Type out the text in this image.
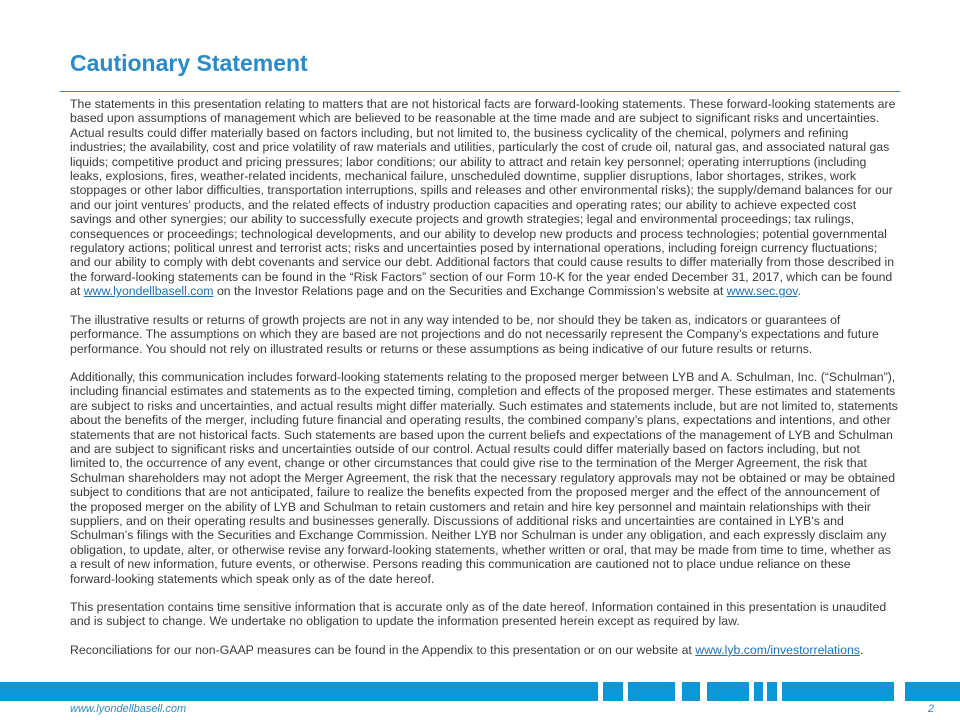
Cautionary Statement

The statements in this presentation relating to matters that are not historical facts are forward-looking statements. These forward-looking statements are based upon assumptions of management which are believed to be reasonable at the time made and are subject to significant risks and uncertainties. Actual results could differ materially based on factors including, but not limited to, the business cyclicality of the chemical, polymers and refining industries; the availability, cost and price volatility of raw materials and utilities, particularly the cost of crude oil, natural gas, and associated natural gas liquids; competitive product and pricing pressures; labor conditions; our ability to attract and retain key personnel; operating interruptions (including leaks, explosions, fires, weather-related incidents, mechanical failure, unscheduled downtime, supplier disruptions, labor shortages, strikes, work stoppages or other labor difficulties, transportation interruptions, spills and releases and other environmental risks); the supply/demand balances for our and our joint ventures’ products, and the related effects of industry production capacities and operating rates; our ability to achieve expected cost savings and other synergies; our ability to successfully execute projects and growth strategies; legal and environmental proceedings; tax rulings, consequences or proceedings; technological developments, and our ability to develop new products and process technologies; potential governmental regulatory actions; political unrest and terrorist acts; risks and uncertainties posed by international operations, including foreign currency fluctuations; and our ability to comply with debt covenants and service our debt. Additional factors that could cause results to differ materially from those described in the forward-looking statements can be found in the “Risk Factors” section of our Form 10-K for the year ended December 31, 2017, which can be found at www.lyondellbasell.com on the Investor Relations page and on the Securities and Exchange Commission’s website at www.sec.gov.

The illustrative results or returns of growth projects are not in any way intended to be, nor should they be taken as, indicators or guarantees of performance. The assumptions on which they are based are not projections and do not necessarily represent the Company’s expectations and future performance. You should not rely on illustrated results or returns or these assumptions as being indicative of our future results or returns.

Additionally, this communication includes forward-looking statements relating to the proposed merger between LYB and A. Schulman, Inc. (“Schulman”), including financial estimates and statements as to the expected timing, completion and effects of the proposed merger. These estimates and statements are subject to risks and uncertainties, and actual results might differ materially. Such estimates and statements include, but are not limited to, statements about the benefits of the merger, including future financial and operating results, the combined company’s plans, expectations and intentions, and other statements that are not historical facts. Such statements are based upon the current beliefs and expectations of the management of LYB and Schulman and are subject to significant risks and uncertainties outside of our control. Actual results could differ materially based on factors including, but not limited to, the occurrence of any event, change or other circumstances that could give rise to the termination of the Merger Agreement, the risk that Schulman shareholders may not adopt the Merger Agreement, the risk that the necessary regulatory approvals may not be obtained or may be obtained subject to conditions that are not anticipated, failure to realize the benefits expected from the proposed merger and the effect of the announcement of the proposed merger on the ability of LYB and Schulman to retain customers and retain and hire key personnel and maintain relationships with their suppliers, and on their operating results and businesses generally. Discussions of additional risks and uncertainties are contained in LYB’s and Schulman’s filings with the Securities and Exchange Commission. Neither LYB nor Schulman is under any obligation, and each expressly disclaim any obligation, to update, alter, or otherwise revise any forward-looking statements, whether written or oral, that may be made from time to time, whether as a result of new information, future events, or otherwise. Persons reading this communication are cautioned not to place undue reliance on these forward-looking statements which speak only as of the date hereof.

This presentation contains time sensitive information that is accurate only as of the date hereof. Information contained in this presentation is unaudited and is subject to change. We undertake no obligation to update the information presented herein except as required by law.

Reconciliations for our non-GAAP measures can be found in the Appendix to this presentation or on our website at www.lyb.com/investorrelations.

www.lyondellbasell.com	2
